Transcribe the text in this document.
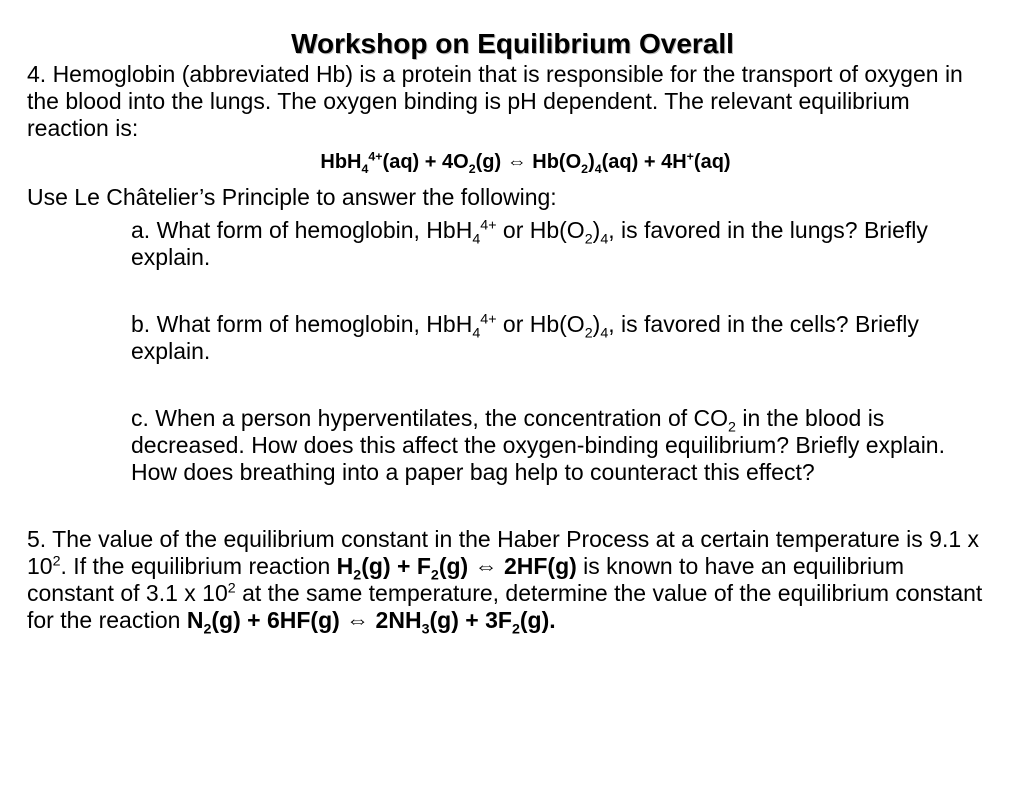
Workshop on Equilibrium Overall

4. Hemoglobin (abbreviated Hb) is a protein that is responsible for the transport of oxygen in the blood into the lungs. The oxygen binding is pH dependent. The relevant equilibrium reaction is:

$HbH_4^{4+}(aq) + 4O_2(g)$ ⇔ $Hb(O_2)_4(aq) + 4H^+(aq)$

Use Le Châtelier’s Principle to answer the following:

a. What form of hemoglobin, HbH$_4^{4+}$ or $Hb(O_2)_4$, is favored in the lungs? Briefly explain.

b. What form of hemoglobin, HbH$_4^{4+}$ or $Hb(O_2)_4$, is favored in the cells? Briefly explain.

c. When a person hyperventilates, the concentration of $CO_2$ in the blood is decreased. How does this affect the oxygen-binding equilibrium? Briefly explain. How does breathing into a paper bag help to counteract this effect?

5. The value of the equilibrium constant in the Haber Process at a certain temperature is 9.1 x $10^2$. If the equilibrium reaction $H_2(g) + F_2(g)$ ⇔ 2HF(g) is known to have an equilibrium constant of 3.1 x $10^2$ at the same temperature, determine the value of the equilibrium constant for the reaction $N_2(g) + 6HF(g)$ ⇔ $2NH_3(g) + 3F_2(g)$.
